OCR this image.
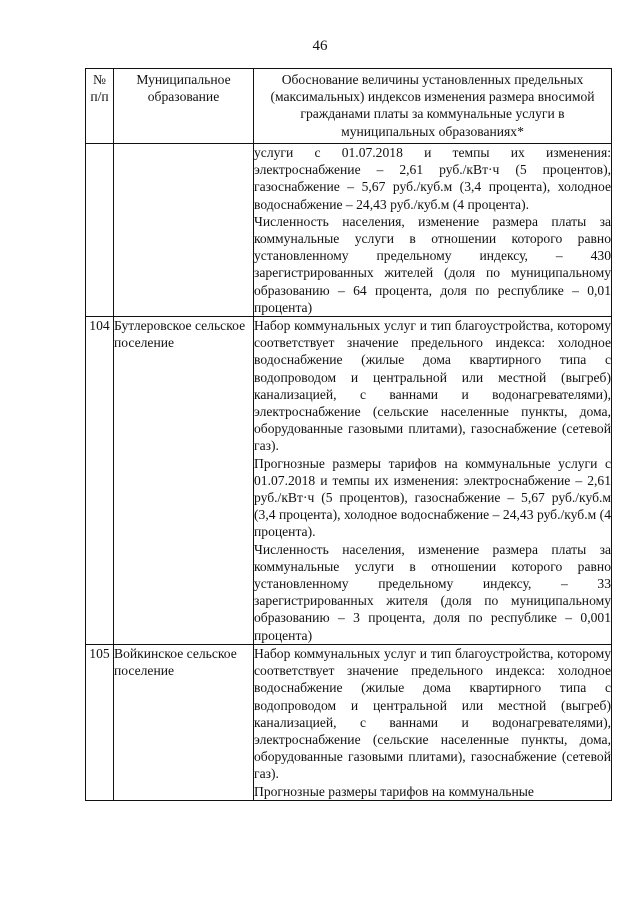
46
№ п/п	Муниципальное образование	Обоснование величины установленных предельных (максимальных) индексов изменения размера вносимой гражданами платы за коммунальные услуги в муниципальных образованиях*

		услуги с 01.07.2018 и темпы их изменения: электроснабжение – 2,61 руб./кВт·ч (5 процентов), газоснабжение – 5,67 руб./куб.м (3,4 процента), холодное водоснабжение – 24,43 руб./куб.м (4 процента).

Численность населения, изменение размера платы за коммунальные услуги в отношении которого равно установленному предельному индексу, – 430 зарегистрированных жителей (доля по муниципальному образованию – 64 процента, доля по республике – 0,01 процента)

104	Бутлеровское сельское поселение	Набор коммунальных услуг и тип благоустройства, которому соответствует значение предельного индекса: холодное водоснабжение (жилые дома квартирного типа с водопроводом и центральной или местной (выгреб) канализацией, с ваннами и водонагревателями), электроснабжение (сельские населенные пункты, дома, оборудованные газовыми плитами), газоснабжение (сетевой газ).

Прогнозные размеры тарифов на коммунальные услуги с 01.07.2018 и темпы их изменения: электроснабжение – 2,61 руб./кВт·ч (5 процентов), газоснабжение – 5,67 руб./куб.м (3,4 процента), холодное водоснабжение – 24,43 руб./куб.м (4 процента).

Численность населения, изменение размера платы за коммунальные услуги в отношении которого равно установленному предельному индексу, – 33 зарегистрированных жителя (доля по муниципальному образованию – 3 процента, доля по республике – 0,001 процента)

105	Войкинское сельское поселение	Набор коммунальных услуг и тип благоустройства, которому соответствует значение предельного индекса: холодное водоснабжение (жилые дома квартирного типа с водопроводом и центральной или местной (выгреб) канализацией, с ваннами и водонагревателями), электроснабжение (сельские населенные пункты, дома, оборудованные газовыми плитами), газоснабжение (сетевой газ).

Прогнозные размеры тарифов на коммунальные
